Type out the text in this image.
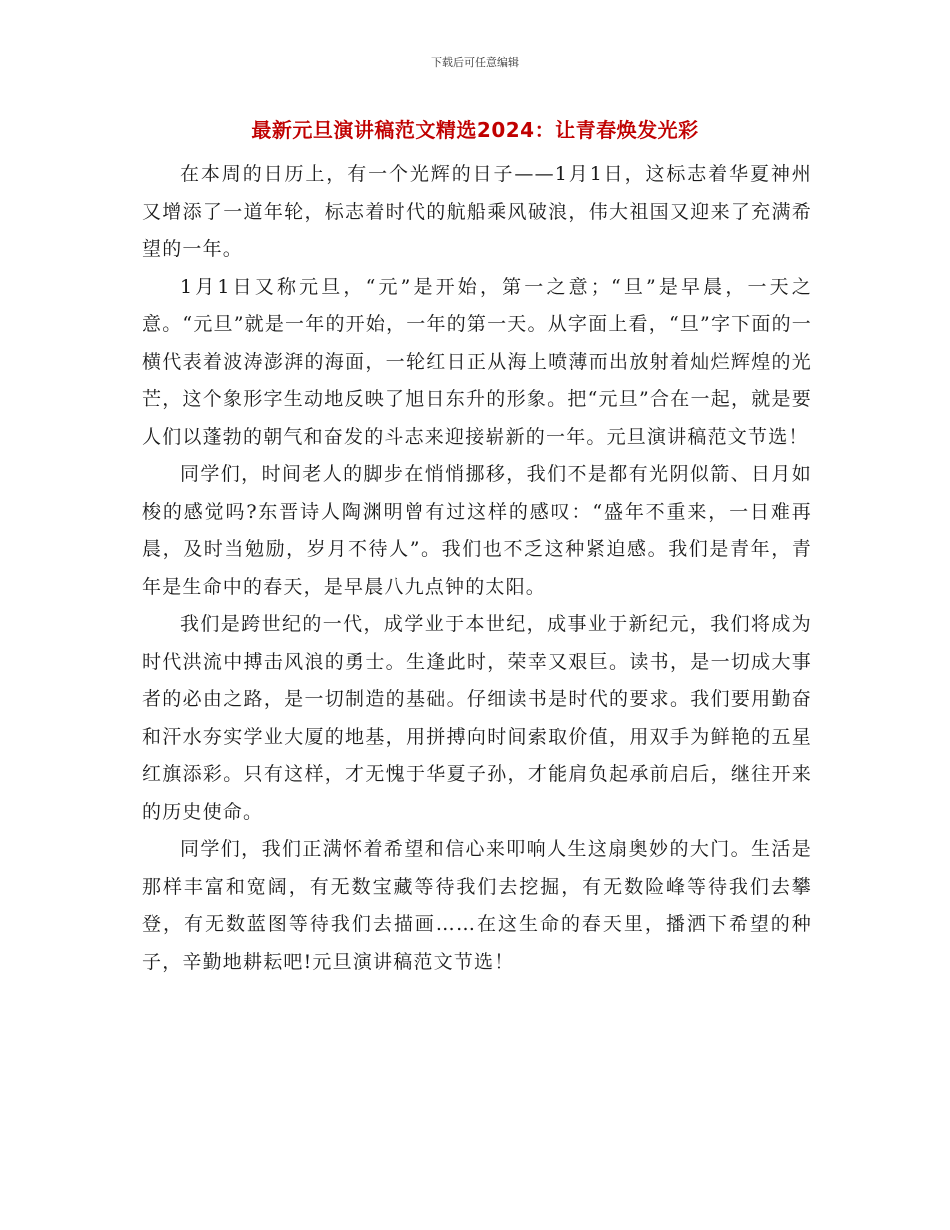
下载后可任意编辑
最新元旦演讲稿范文精选2024：让青春焕发光彩

在本周的日历上，有一个光辉的日子——1月1日，这标志着华夏神州又增添了一道年轮，标志着时代的航船乘风破浪，伟大祖国又迎来了充满希望的一年。

1月1日又称元旦，“元”是开始，第一之意；“旦”是早晨，一天之意。“元旦”就是一年的开始，一年的第一天。从字面上看，“旦”字下面的一横代表着波涛澎湃的海面，一轮红日正从海上喷薄而出放射着灿烂辉煌的光芒，这个象形字生动地反映了旭日东升的形象。把“元旦”合在一起，就是要人们以蓬勃的朝气和奋发的斗志来迎接崭新的一年。元旦演讲稿范文节选！

同学们，时间老人的脚步在悄悄挪移，我们不是都有光阴似箭、日月如梭的感觉吗?东晋诗人陶渊明曾有过这样的感叹：“盛年不重来，一日难再晨，及时当勉励，岁月不待人”。我们也不乏这种紧迫感。我们是青年，青年是生命中的春天，是早晨八九点钟的太阳。

我们是跨世纪的一代，成学业于本世纪，成事业于新纪元，我们将成为时代洪流中搏击风浪的勇士。生逢此时，荣幸又艰巨。读书，是一切成大事者的必由之路，是一切制造的基础。仔细读书是时代的要求。我们要用勤奋和汗水夯实学业大厦的地基，用拼搏向时间索取价值，用双手为鲜艳的五星红旗添彩。只有这样，才无愧于华夏子孙，才能肩负起承前启后，继往开来的历史使命。

同学们，我们正满怀着希望和信心来叩响人生这扇奥妙的大门。生活是那样丰富和宽阔，有无数宝藏等待我们去挖掘，有无数险峰等待我们去攀登，有无数蓝图等待我们去描画……在这生命的春天里，播洒下希望的种子，辛勤地耕耘吧!元旦演讲稿范文节选！
